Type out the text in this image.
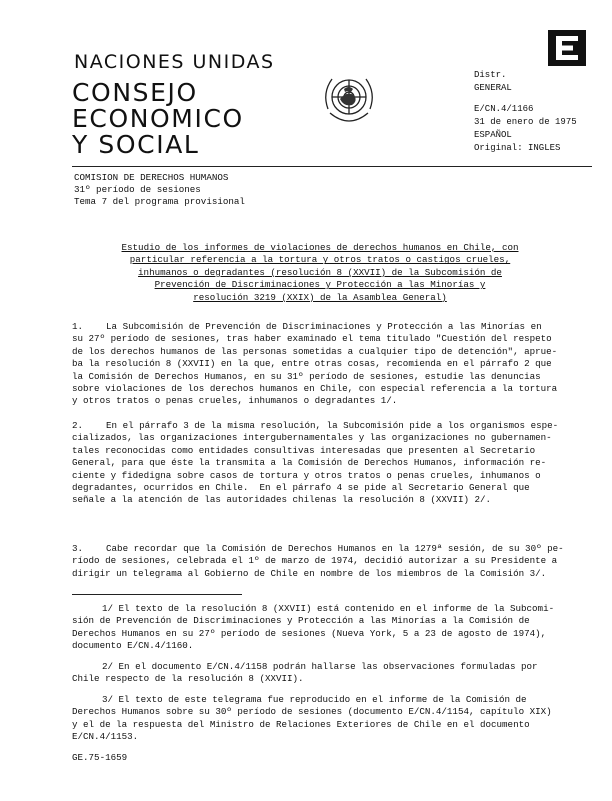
NACIONES UNIDAS
CONSEJO
ECONOMICO
Y SOCIAL
Distr.
GENERAL
E/CN.4/1166
31 de enero de 1975
ESPAÑOL
Original: INGLES
COMISION DE DERECHOS HUMANOS
31º período de sesiones
Tema 7 del programa provisional
Estudio de los informes de violaciones de derechos humanos en Chile, con
particular referencia a la tortura y otros tratos o castigos crueles,
inhumanos o degradantes (resolución 8 (XXVII) de la Subcomisión de
Prevención de Discriminaciones y Protección a las Minorías y
resolución 3219 (XXIX) de la Asamblea General)
1.	La Subcomisión de Prevención de Discriminaciones y Protección a las Minorías en
su 27º período de sesiones, tras haber examinado el tema titulado "Cuestión del respeto
de los derechos humanos de las personas sometidas a cualquier tipo de detención", aprue-
ba la resolución 8 (XXVII) en la que, entre otras cosas, recomienda en el párrafo 2 que
la Comisión de Derechos Humanos, en su 31º período de sesiones, estudie las denuncias
sobre violaciones de los derechos humanos en Chile, con especial referencia a la tortura
y otros tratos o penas crueles, inhumanos o degradantes 1/.
2.	En el párrafo 3 de la misma resolución, la Subcomisión pide a los organismos espe-
cializados, las organizaciones intergubernamentales y las organizaciones no gubernamen-
tales reconocidas como entidades consultivas interesadas que presenten al Secretario
General, para que éste la transmita a la Comisión de Derechos Humanos, información re-
ciente y fidedigna sobre casos de tortura y otros tratos o penas crueles, inhumanos o
degradantes, ocurridos en Chile.  En el párrafo 4 se pide al Secretario General que
señale a la atención de las autoridades chilenas la resolución 8 (XXVII) 2/.
3.	Cabe recordar que la Comisión de Derechos Humanos en la 1279ª sesión, de su 30º pe-
ríodo de sesiones, celebrada el 1º de marzo de 1974, decidió autorizar a su Presidente a
dirigir un telegrama al Gobierno de Chile en nombre de los miembros de la Comisión 3/.
1/ El texto de la resolución 8 (XXVII) está contenido en el informe de la Subcomi-
sión de Prevención de Discriminaciones y Protección a las Minorías a la Comisión de
Derechos Humanos en su 27º período de sesiones (Nueva York, 5 a 23 de agosto de 1974),
documento E/CN.4/1160.
2/ En el documento E/CN.4/1158 podrán hallarse las observaciones formuladas por
Chile respecto de la resolución 8 (XXVII).
3/ El texto de este telegrama fue reproducido en el informe de la Comisión de
Derechos Humanos sobre su 30º período de sesiones (documento E/CN.4/1154, capítulo XIX)
y el de la respuesta del Ministro de Relaciones Exteriores de Chile en el documento
E/CN.4/1153.
GE.75-1659
